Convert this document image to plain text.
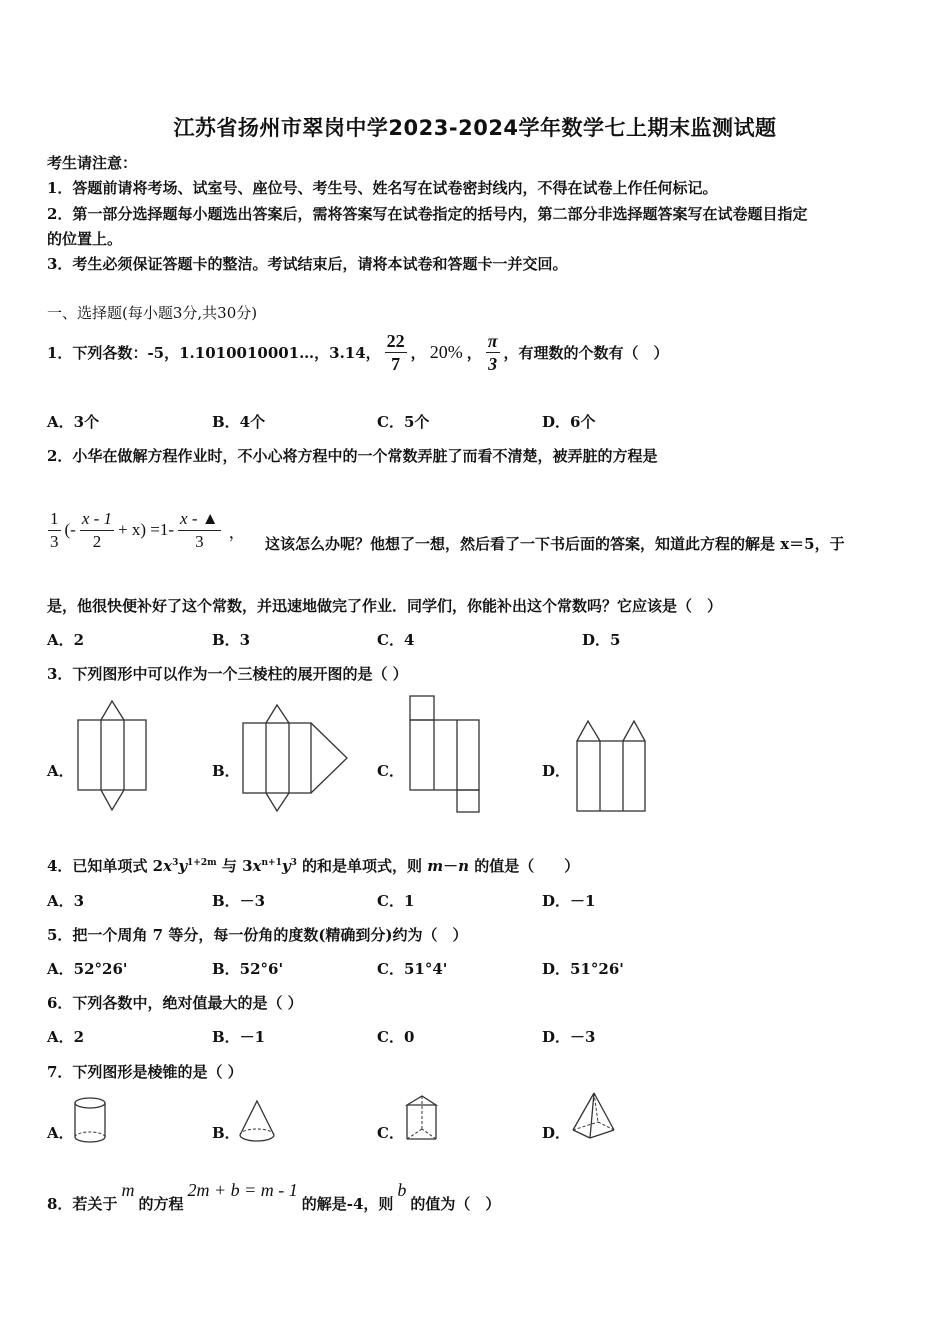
江苏省扬州市翠岗中学2023-2024学年数学七上期末监测试题
考生请注意：
1．答题前请将考场、试室号、座位号、考生号、姓名写在试卷密封线内，不得在试卷上作任何标记。
2．第一部分选择题每小题选出答案后，需将答案写在试卷指定的括号内，第二部分非选择题答案写在试卷题目指定
的位置上。
3．考生必须保证答题卡的整洁。考试结束后，请将本试卷和答题卡一并交回。
一、选择题(每小题3分,共30分)
1．下列各数：-5，1.1010010001…，3.14， $\frac{22}{7}$ ， 20% ， $\frac{\pi}{3}$ ，有理数的个数有（　）
A．3个	B．4个	C．5个	D．6个
2．小华在做解方程作业时，不小心将方程中的一个常数弄脏了而看不清楚，被弄脏的方程是
$\frac{1}{3}$ (- $\frac{x - 1}{2} + x) =1- \frac{x - ▲}{3}$ ，
这该怎么办呢？他想了一想，然后看了一下书后面的答案，知道此方程的解是 x＝5，于
是，他很快便补好了这个常数，并迅速地做完了作业．同学们，你能补出这个常数吗？它应该是（　）
A．2	B．3	C．4	D．5
3．下列图形中可以作为一个三棱柱的展开图的是（ ）
A．	B．	C．	D．
4．已知单项式 $2x^3y^{1+2m}$ 与 $3x^{n+1}y^3$ 的和是单项式，则 m－n 的值是（　　）
A．3	B．－3	C．1	D．－1
5．把一个周角 7 等分，每一份角的度数(精确到分)约为（　）
A．52°26'	B．52°6'	C．51°4'	D．51°26'
6．下列各数中，绝对值最大的是（ ）
A．2	B．－1	C．0	D．－3
7．下列图形是棱锥的是（ ）
A．	B．	C．	D．
8．若关于
m
的方程
2m + b = m - 1
的解是-4，则
b
的值为（　）
